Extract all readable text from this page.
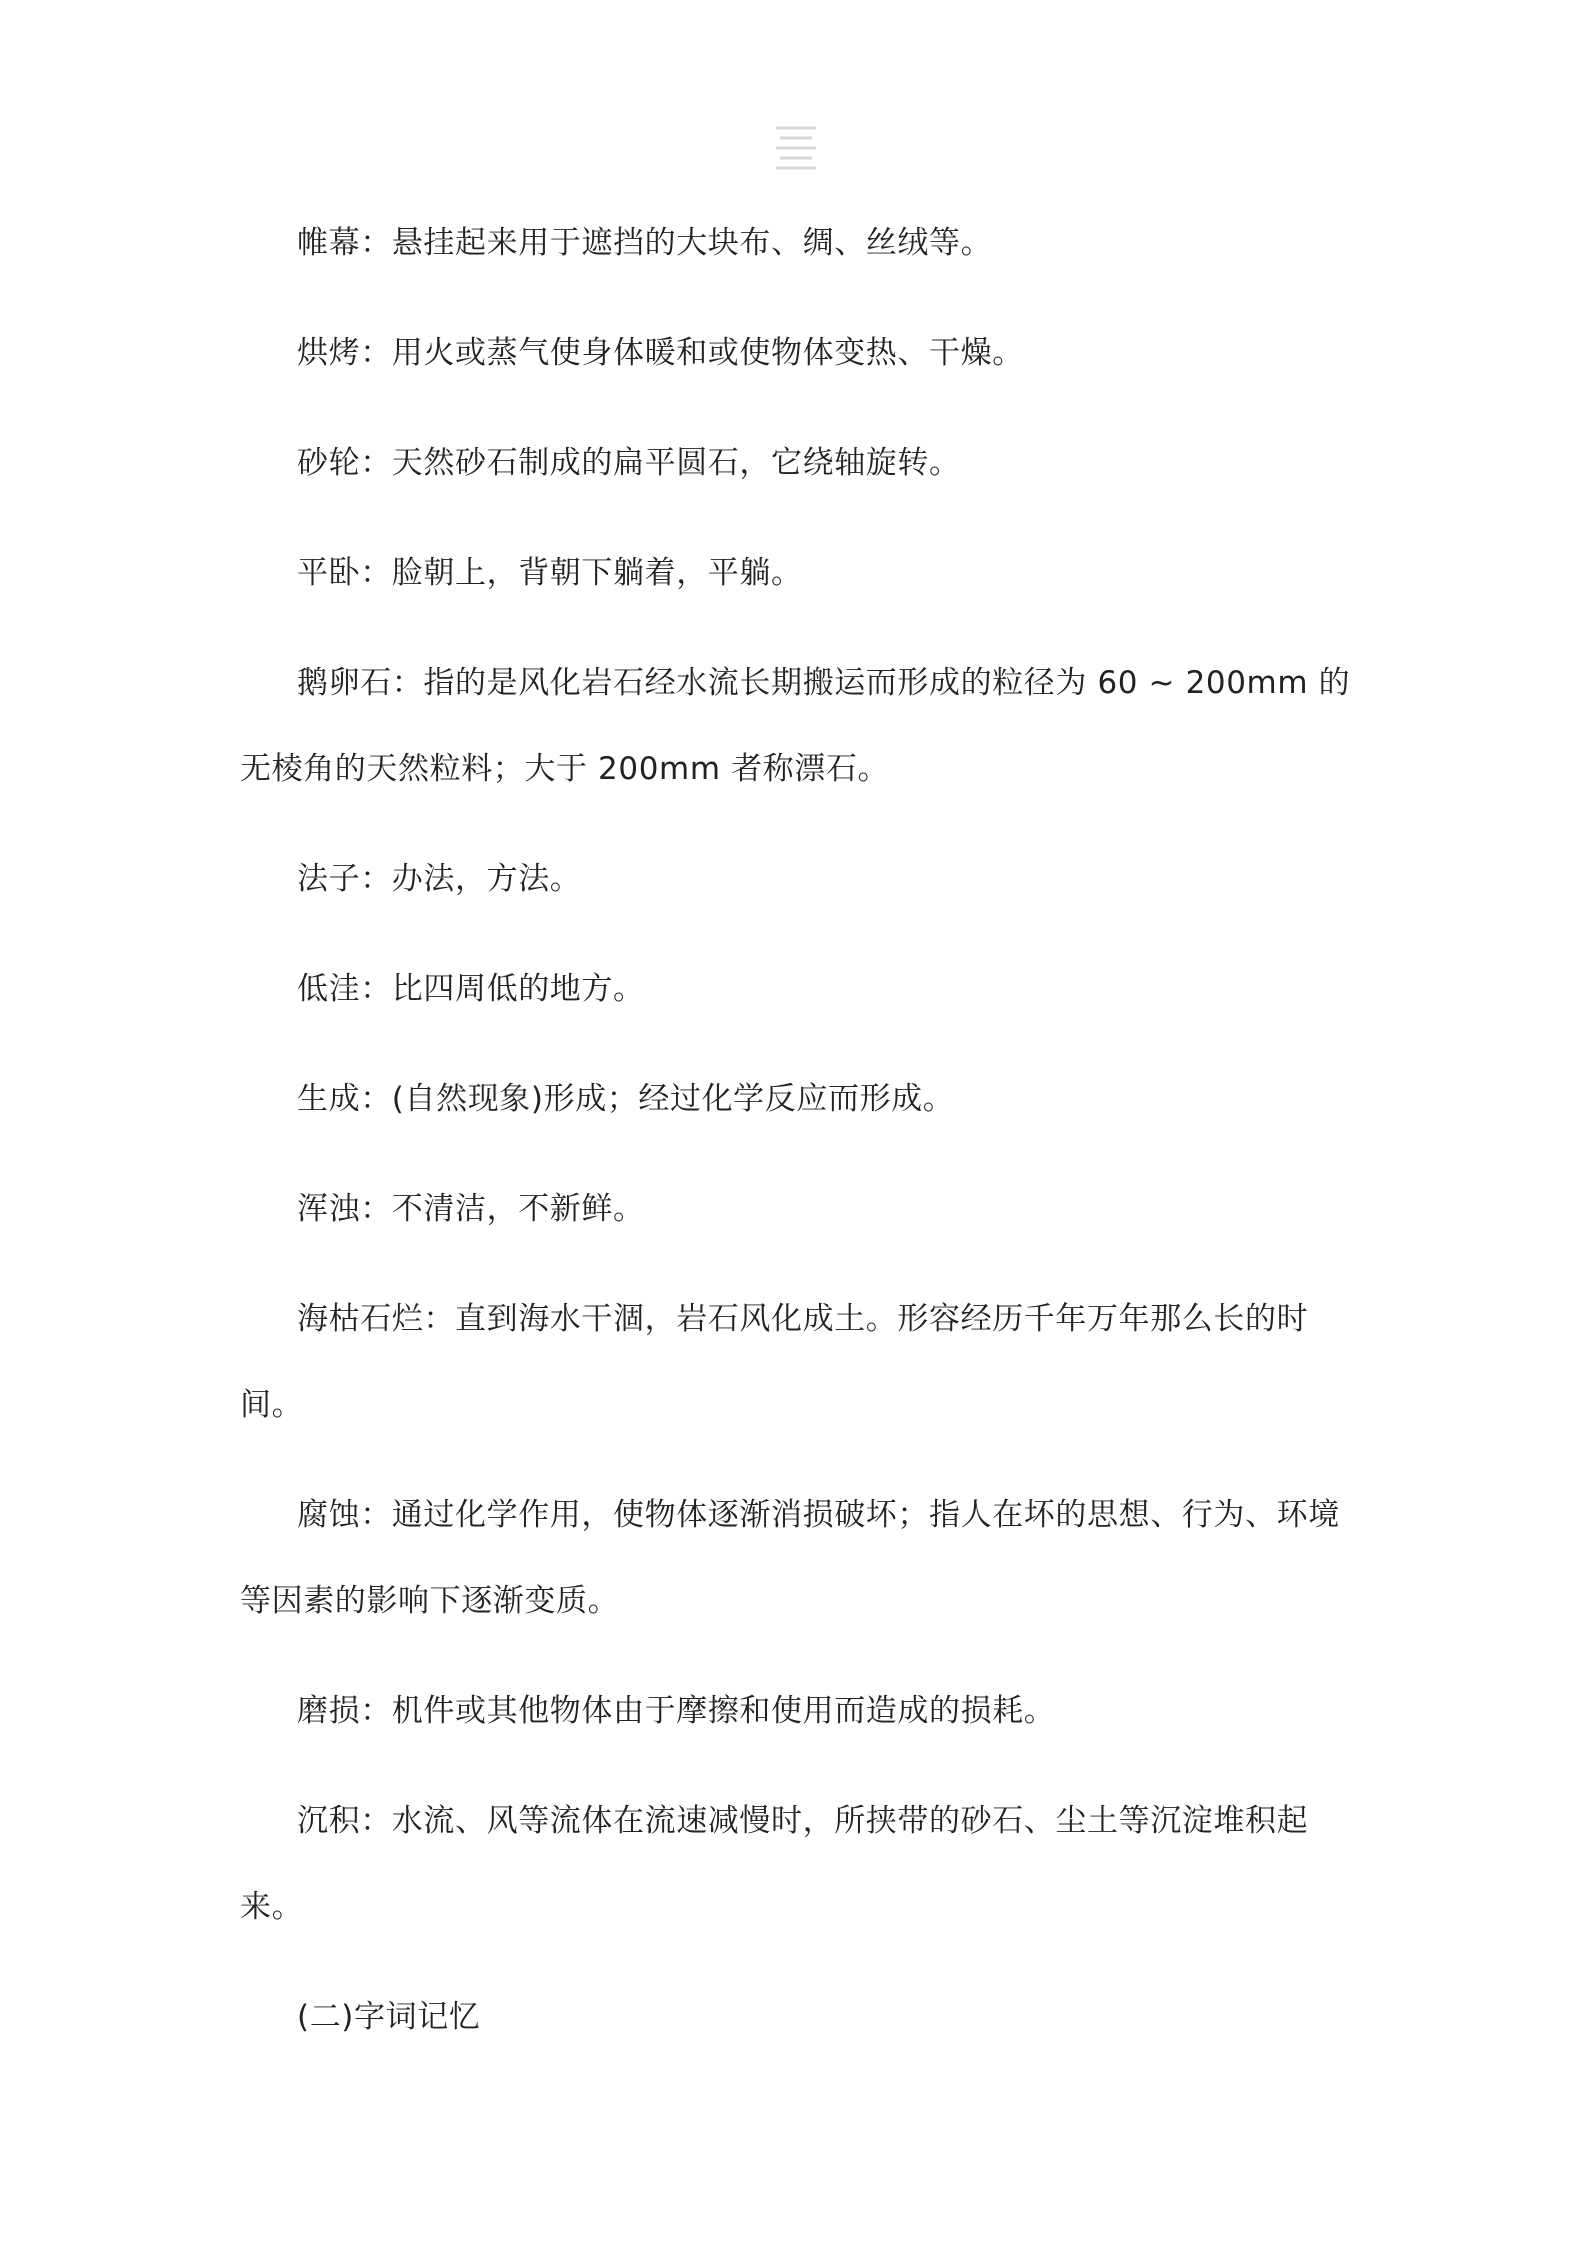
帷幕：悬挂起来用于遮挡的大块布、绸、丝绒等。

烘烤：用火或蒸气使身体暖和或使物体变热、干燥。

砂轮：天然砂石制成的扁平圆石，它绕轴旋转。

平卧：脸朝上，背朝下躺着，平躺。

鹅卵石：指的是风化岩石经水流长期搬运而形成的粒径为 60 ~ 200mm 的无棱角的天然粒料；大于 200mm 者称漂石。

法子：办法，方法。

低洼：比四周低的地方。

生成：(自然现象)形成；经过化学反应而形成。

浑浊：不清洁，不新鲜。

海枯石烂：直到海水干涸，岩石风化成土。形容经历千年万年那么长的时间。

腐蚀：通过化学作用，使物体逐渐消损破坏；指人在坏的思想、行为、环境等因素的影响下逐渐变质。

磨损：机件或其他物体由于摩擦和使用而造成的损耗。

沉积：水流、风等流体在流速减慢时，所挟带的砂石、尘土等沉淀堆积起来。

(二)字词记忆
